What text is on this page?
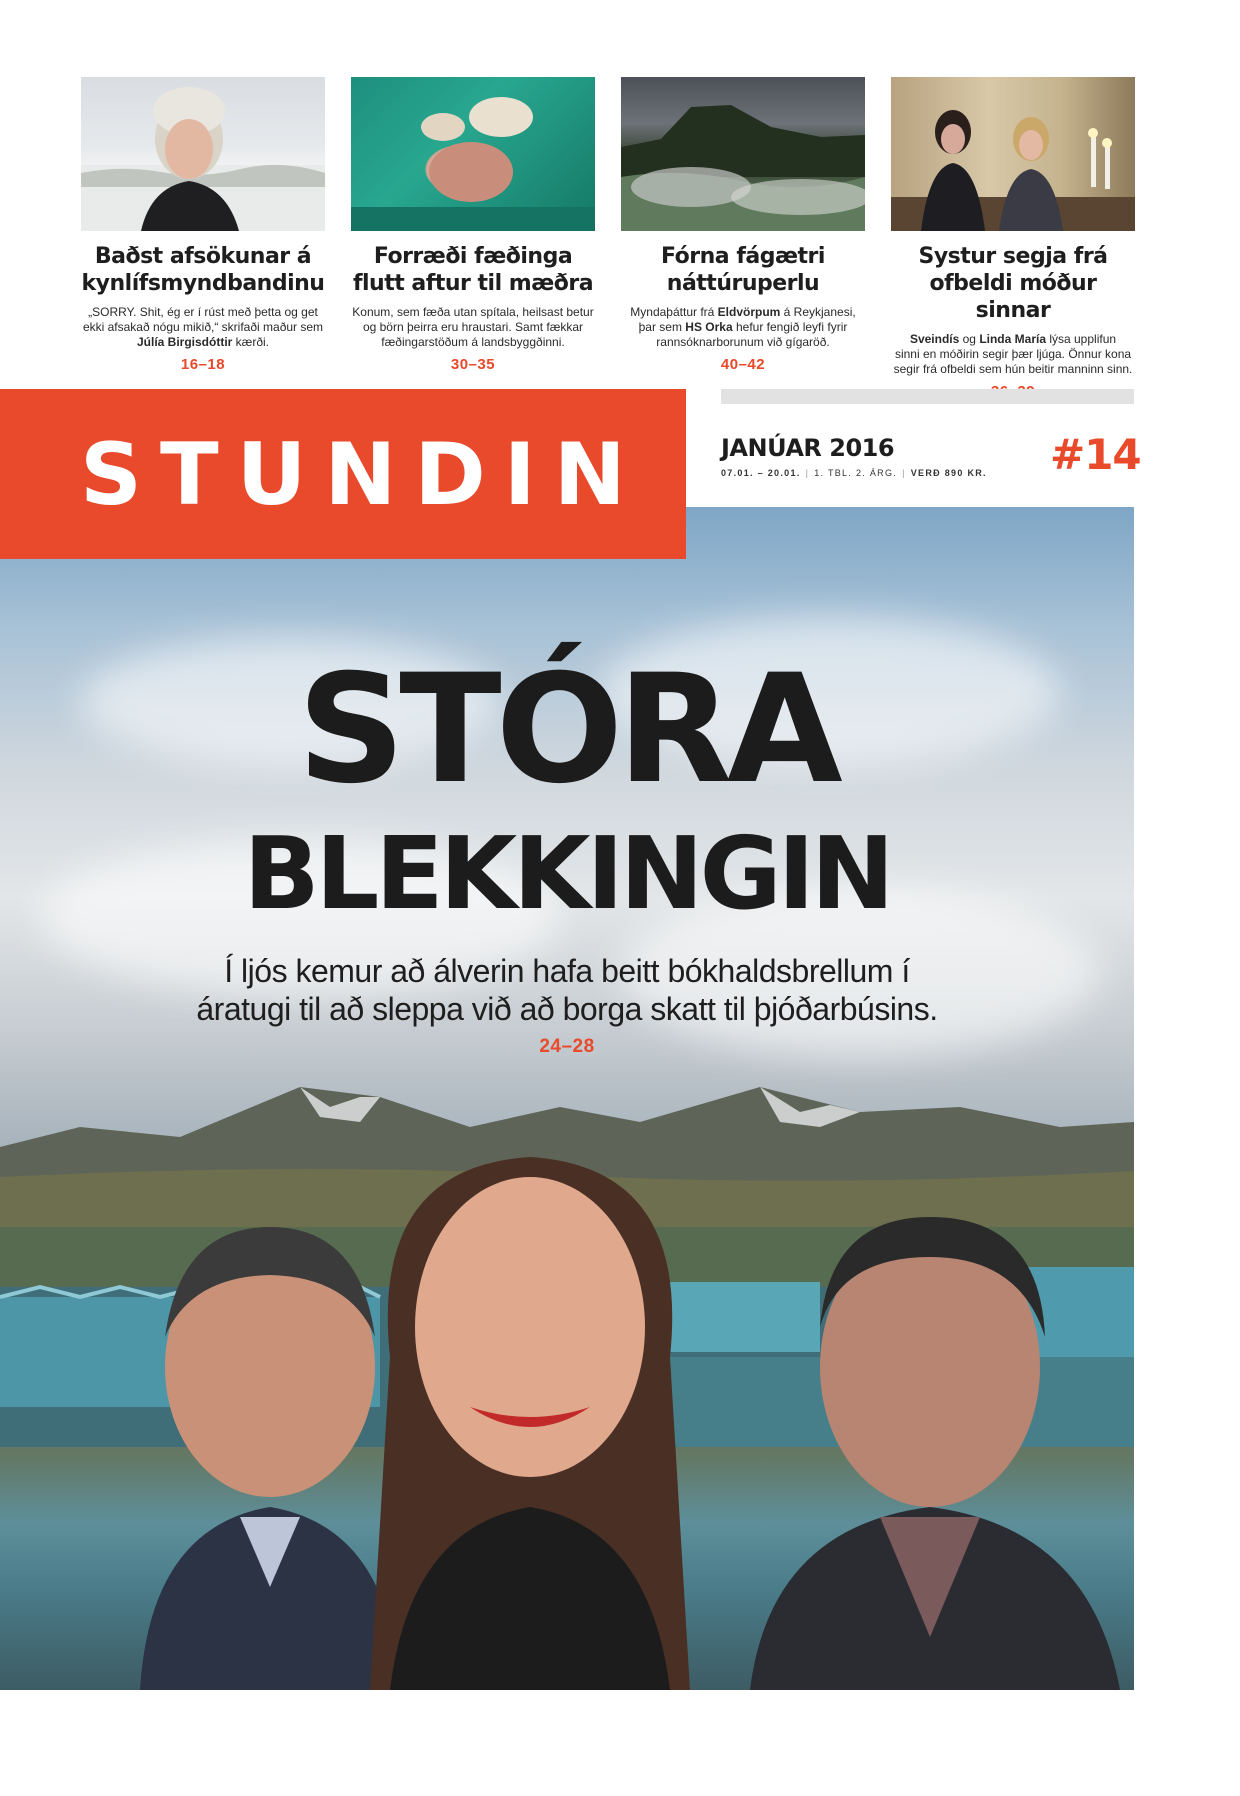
Baðst afsökunar á
kynlífsmyndbandinu

„SORRY. Shit, ég er í rúst með þetta og get
ekki afsakað nógu mikið,“ skrifaði maður sem
Júlía Birgisdóttir kærði.

16–18
Forræði fæðinga
flutt aftur til mæðra

Konum, sem fæða utan spítala, heilsast betur
og börn þeirra eru hraustari. Samt fækkar
fæðingarstöðum á landsbyggðinni.

30–35
Fórna fágætri
náttúruperlu

Myndaþáttur frá Eldvörpum á Reykjanesi,
þar sem HS Orka hefur fengið leyfi fyrir
rannsóknarborunum við gígaröð.

40–42
Systur segja frá
ofbeldi móður sinnar

Sveindís og Linda María lýsa upplifun
sinni en móðirin segir þær ljúga. Önnur kona
segir frá ofbeldi sem hún beitir manninn sinn.

STUNDIN	JANÚAR 2016
07.01. – 20.01. | 1. TBL. 2. ÁRG. | VERÐ 890 KR. #14
STÓRA
BLEKKINGIN
Í ljós kemur að álverin hafa beitt bókhaldsbrellum í
áratugi til að sleppa við að borga skatt til þjóðarbúsins.
24–28
